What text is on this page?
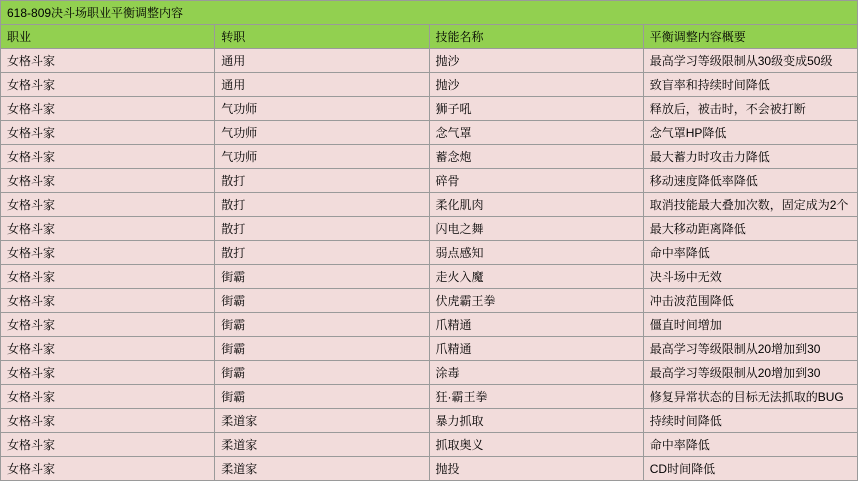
618-809决斗场职业平衡调整内容			
职业	转职	技能名称	平衡调整内容概要
女格斗家	通用	抛沙	最高学习等级限制从30级变成50级
女格斗家	通用	抛沙	致盲率和持续时间降低
女格斗家	气功师	狮子吼	释放后，被击时，不会被打断
女格斗家	气功师	念气罩	念气罩HP降低
女格斗家	气功师	蓄念炮	最大蓄力时攻击力降低
女格斗家	散打	碎骨	移动速度降低率降低
女格斗家	散打	柔化肌肉	取消技能最大叠加次数，固定成为2个
女格斗家	散打	闪电之舞	最大移动距离降低
女格斗家	散打	弱点感知	命中率降低
女格斗家	街霸	走火入魔	决斗场中无效
女格斗家	街霸	伏虎霸王拳	冲击波范围降低
女格斗家	街霸	爪精通	僵直时间增加
女格斗家	街霸	爪精通	最高学习等级限制从20增加到30
女格斗家	街霸	涂毒	最高学习等级限制从20增加到30
女格斗家	街霸	狂·霸王拳	修复异常状态的目标无法抓取的BUG
女格斗家	柔道家	暴力抓取	持续时间降低
女格斗家	柔道家	抓取奥义	命中率降低
女格斗家	柔道家	抛投	CD时间降低
